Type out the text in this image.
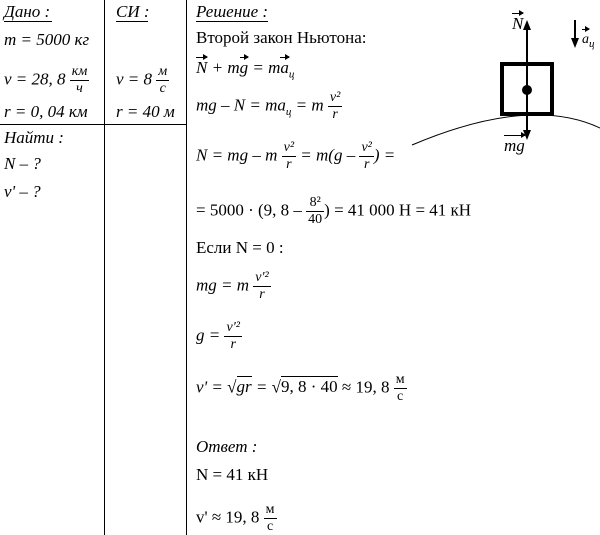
Дано :
m = 5000 кг
v = 28, $8 \frac{км}{ч}$
r = 0, 04 км
Найти :
N – ?
v' – ?
СИ :
$v = 8 \frac{м}{с}$
r = 40 м
Решение :
Второй закон Ньютона:
N + mg = $ma_ц$
mg – $N = ma_ц = m \frac{\text{v²}}{r}$
N = mg – m $\frac{\text{v²}}{r} = m(g - \frac{\text{v²}}{r}$ ) =
= 5000 · (9, $8 - \frac{\text{8²}}{40}$ ) = 41 000 Н = 41 кН
Если N = 0 :
mg = m $\frac{\text{v'²}}{r}$
$g = \frac{\text{v'²}}{r}$
v' = √gr = √9, 8 · 40 ≈ 19, $8 \frac{м}{с}$
Ответ :
N = 41 кН
v' ≈ 19, $8 \frac{м}{с}$
N
$a_ц$
mg
